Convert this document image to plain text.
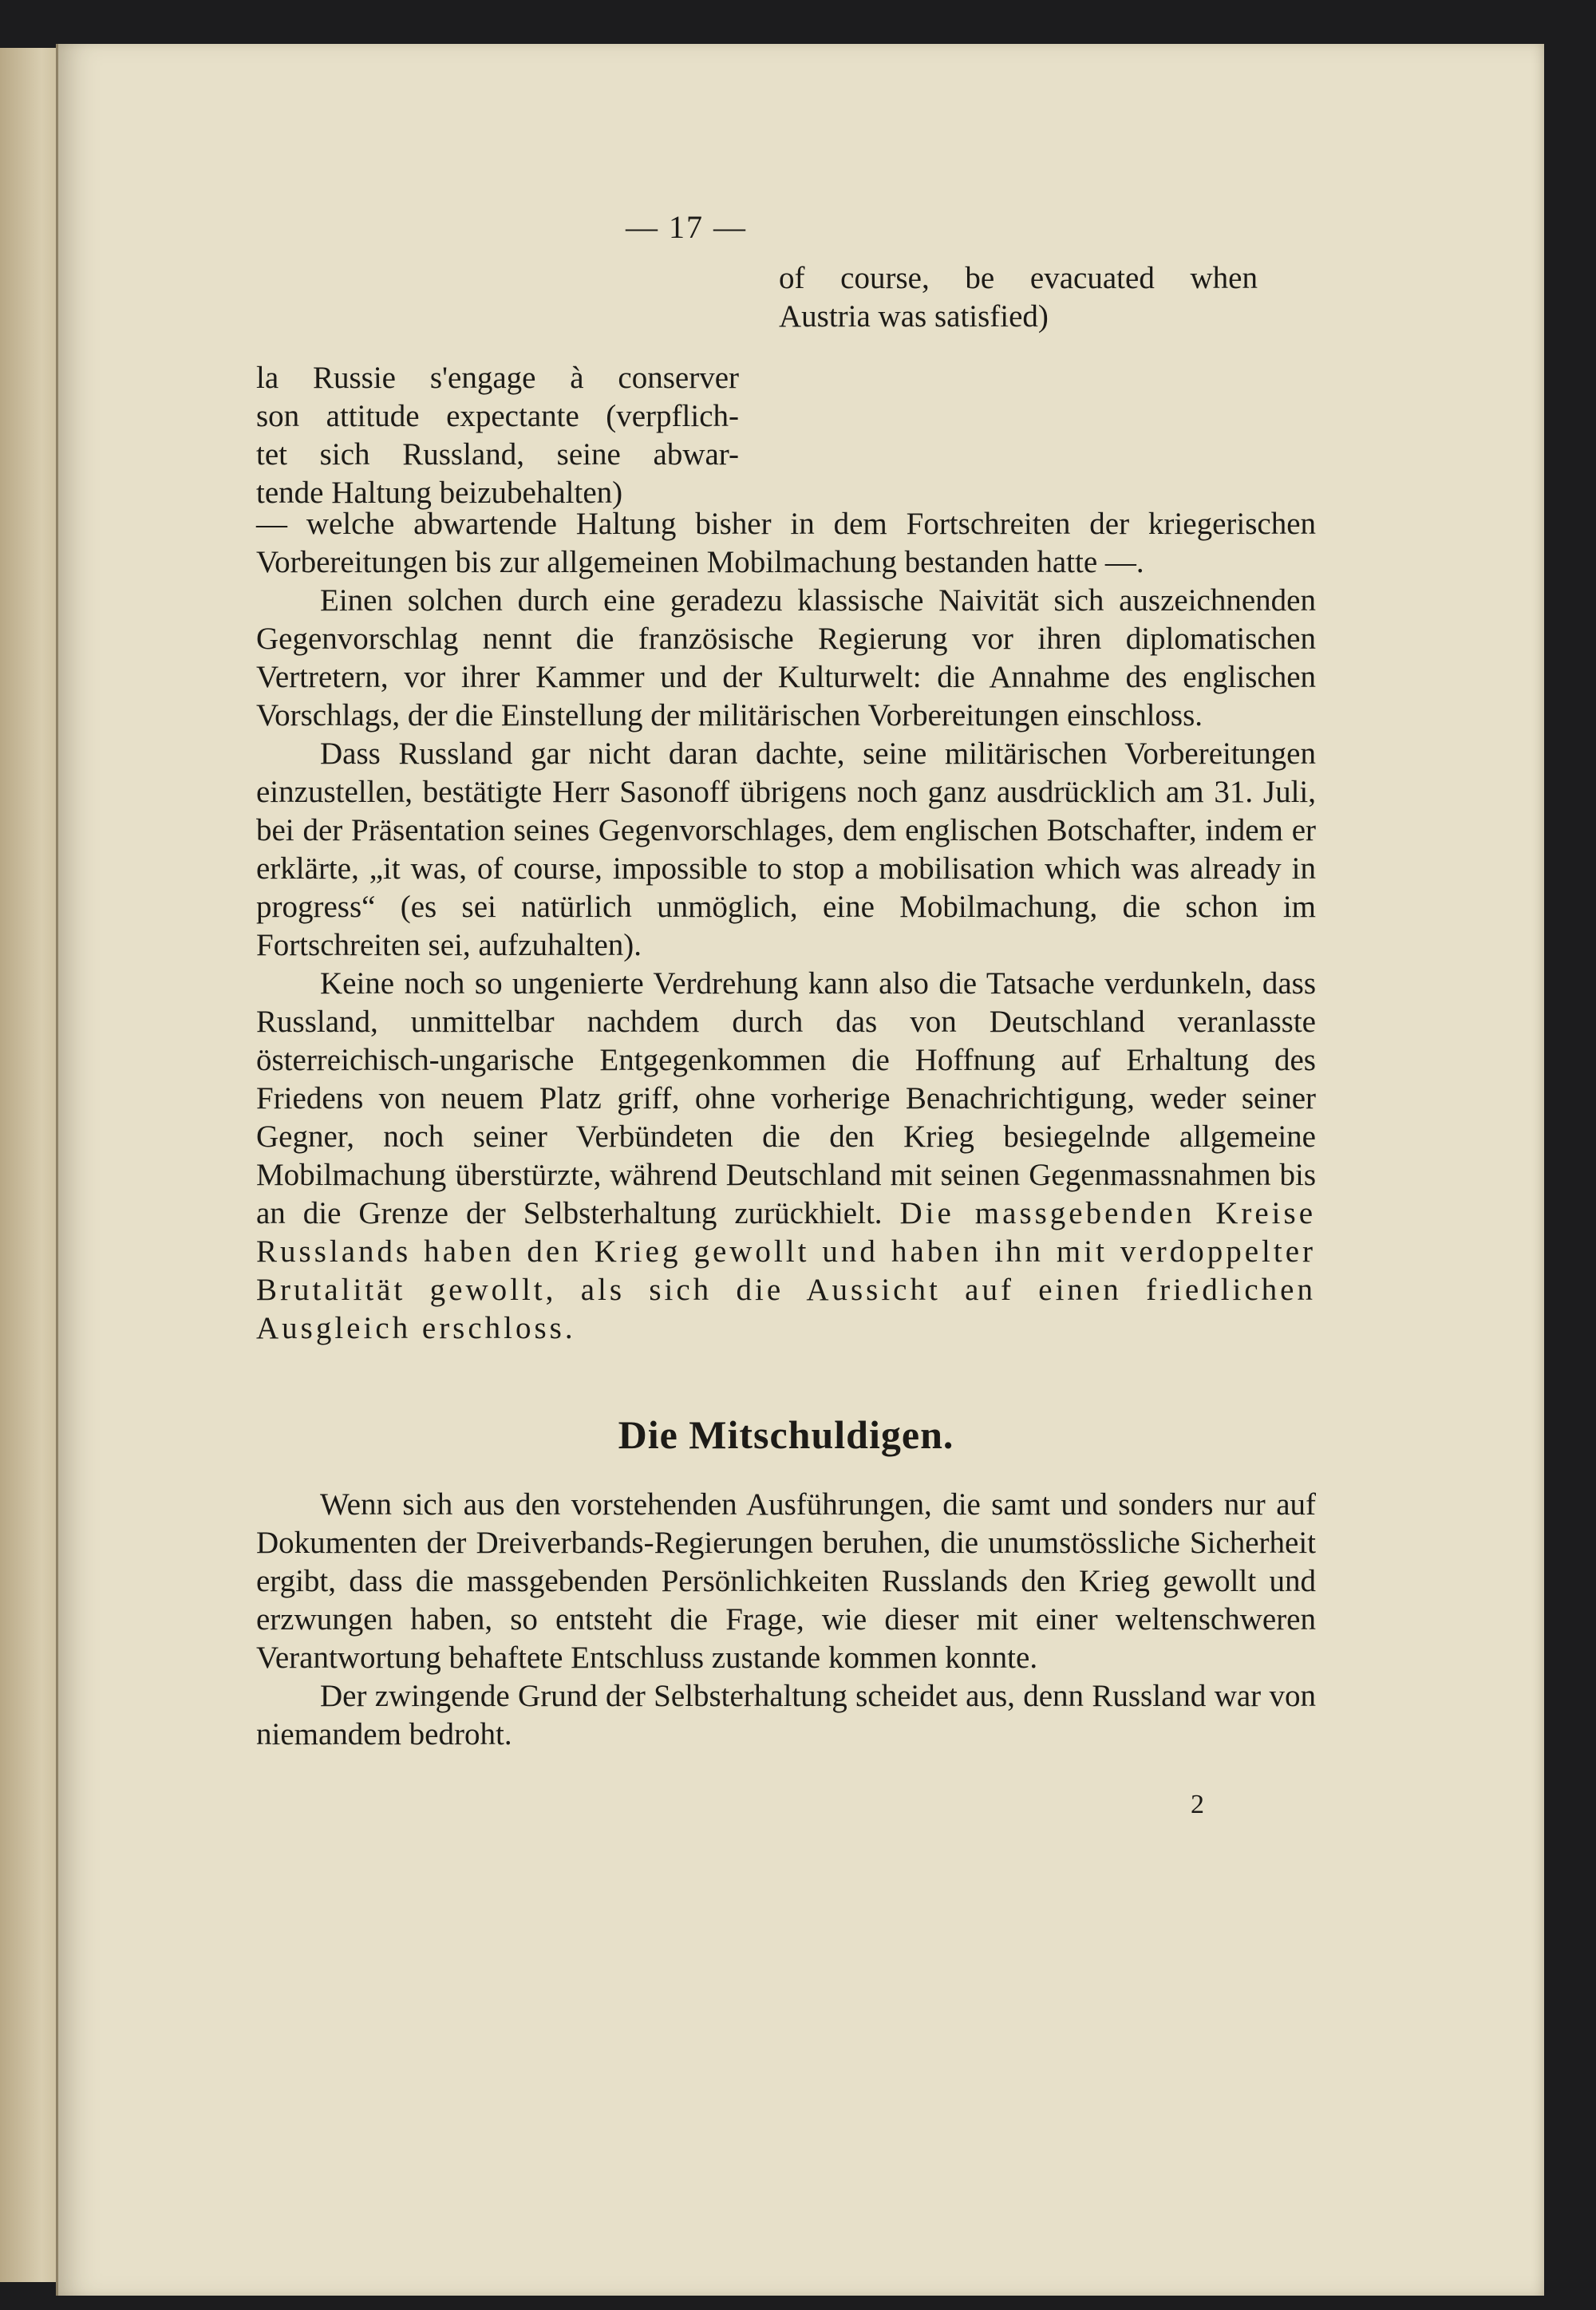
— 17 —
of course, be evacuated when
Austria was satisfied)
la Russie s'engage à conserver
son attitude expectante (verpflich-
tet sich Russland, seine abwar-
tende Haltung beizubehalten)

— welche abwartende Haltung bisher in dem Fortschreiten der kriegerischen Vorbereitungen bis zur allgemeinen Mobilmachung bestanden hatte —.

Einen solchen durch eine geradezu klassische Naivität sich auszeichnenden Gegenvorschlag nennt die französische Regierung vor ihren diplomatischen Vertretern, vor ihrer Kammer und der Kulturwelt: die Annahme des englischen Vorschlags, der die Einstellung der militärischen Vorbereitungen einschloss.

Dass Russland gar nicht daran dachte, seine militärischen Vorbereitungen einzustellen, bestätigte Herr Sasonoff übrigens noch ganz ausdrücklich am 31. Juli, bei der Präsentation seines Gegenvorschlages, dem englischen Botschafter, indem er erklärte, „it was, of course, impossible to stop a mobilisation which was already in progress“ (es sei natürlich unmöglich, eine Mobilmachung, die schon im Fortschreiten sei, aufzuhalten).

Keine noch so ungenierte Verdrehung kann also die Tatsache verdunkeln, dass Russland, unmittelbar nachdem durch das von Deutschland veranlasste österreichisch-ungarische Entgegenkommen die Hoffnung auf Erhaltung des Friedens von neuem Platz griff, ohne vorherige Benachrichtigung, weder seiner Gegner, noch seiner Verbündeten die den Krieg besiegelnde allgemeine Mobilmachung überstürzte, während Deutschland mit seinen Gegenmassnahmen bis an die Grenze der Selbsterhaltung zurückhielt. Die massgebenden Kreise Russlands haben den Krieg gewollt und haben ihn mit verdoppelter Brutalität gewollt, als sich die Aussicht auf einen friedlichen Ausgleich erschloss.

Die Mitschuldigen.

Wenn sich aus den vorstehenden Ausführungen, die samt und sonders nur auf Dokumenten der Dreiverbands-Regierungen beruhen, die unumstössliche Sicherheit ergibt, dass die massgebenden Persönlichkeiten Russlands den Krieg gewollt und erzwungen haben, so entsteht die Frage, wie dieser mit einer weltenschweren Verantwortung behaftete Entschluss zustande kommen konnte.

Der zwingende Grund der Selbsterhaltung scheidet aus, denn Russland war von niemandem bedroht.

2
